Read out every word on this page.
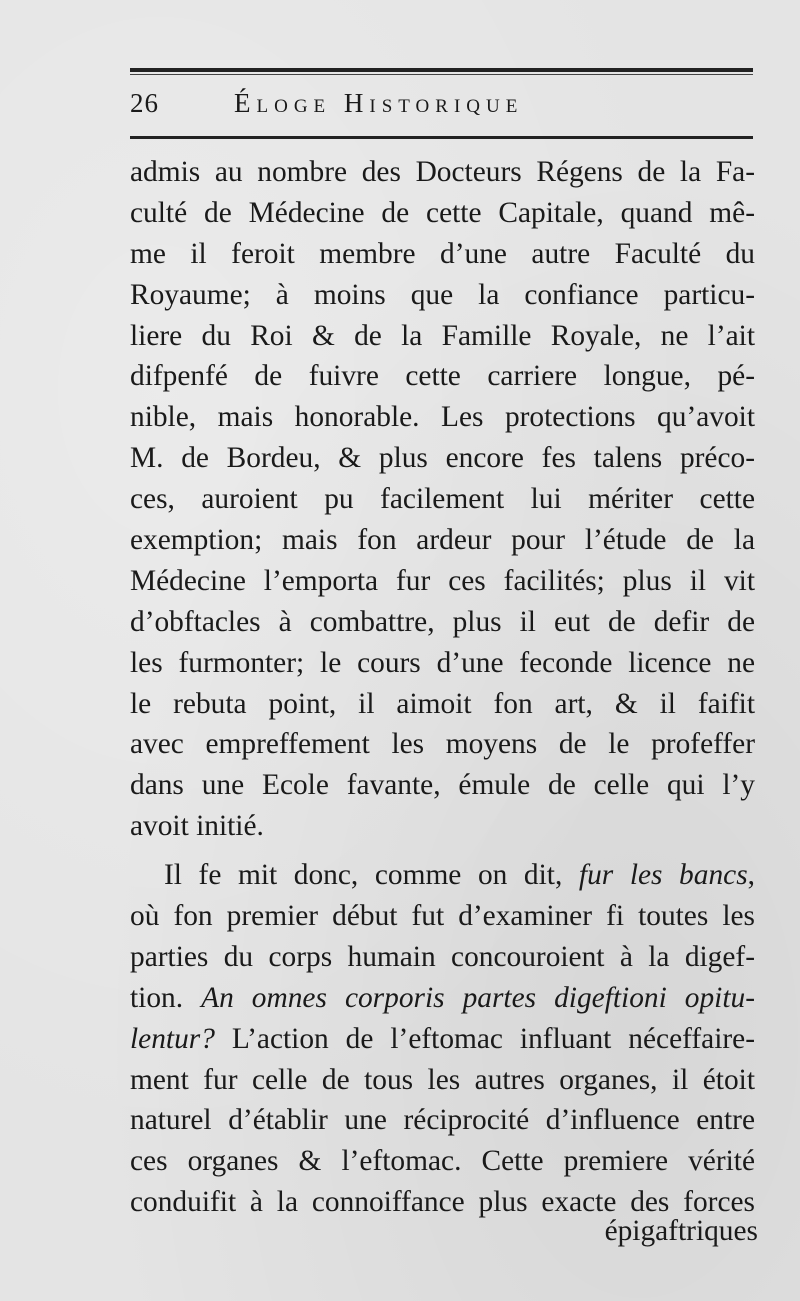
26	Éloge Historique
admis au nombre des Docteurs Régens de la Fa-
culté de Médecine de cette Capitale, quand mê-
me il feroit membre d’une autre Faculté du
Royaume; à moins que la confiance particu-
liere du Roi & de la Famille Royale, ne l’ait
difpenfé de fuivre cette carriere longue, pé-
nible, mais honorable. Les protections qu’avoit
M. de Bordeu, & plus encore fes talens préco-
ces, auroient pu facilement lui mériter cette
exemption; mais fon ardeur pour l’étude de la
Médecine l’emporta fur ces facilités; plus il vit
d’obftacles à combattre, plus il eut de defir de
les furmonter; le cours d’une feconde licence ne
le rebuta point, il aimoit fon art, & il faifit
avec empreffement les moyens de le profeffer
dans une Ecole favante, émule de celle qui l’y
avoit initié.
Il fe mit donc, comme on dit, fur les bancs,
où fon premier début fut d’examiner fi toutes les
parties du corps humain concouroient à la digef-
tion. An omnes corporis partes digeftioni opitu-
lentur? L’action de l’eftomac influant néceffaire-
ment fur celle de tous les autres organes, il étoit
naturel d’établir une réciprocité d’influence entre
ces organes & l’eftomac. Cette premiere vérité
conduifit à la connoiffance plus exacte des forces
épigaftriques
